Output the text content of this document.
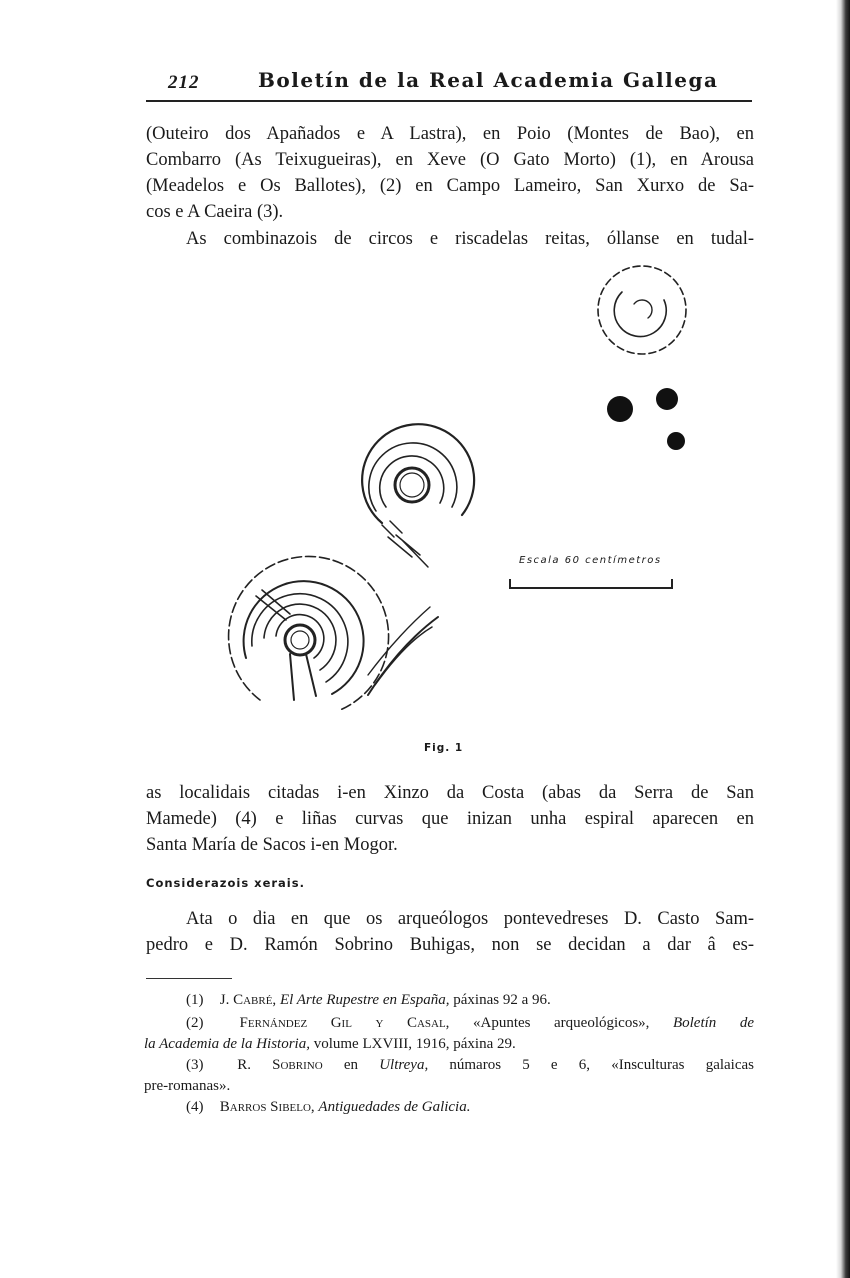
212	Boletín de la Real Academia Gallega

(Outeiro dos Apañados e A Lastra), en Poio (Montes de Bao), en

Combarro (As Teixugueiras), en Xeve (O Gato Morto) (1), en Arousa

(Meadelos e Os Ballotes), (2) en Campo Lameiro, San Xurxo de Sa-

cos e A Caeira (3).

As combinazois de circos e riscadelas reitas, óllanse en tudal-

Escala 60 centímetros
Fig. 1

as localidais citadas i-en Xinzo da Costa (abas da Serra de San

Mamede) (4) e liñas curvas que inizan unha espiral aparecen en

Santa María de Sacos i-en Mogor.

Considerazois xerais.

Ata o dia en que os arqueólogos pontevedreses D. Casto Sam-

pedro e D. Ramón Sobrino Buhigas, non se decidan a dar â es-

(1) J. Cabré, El Arte Rupestre en España, páxinas 92 a 96.

(2) Fernández Gil y Casal, «Apuntes arqueológicos», Boletín de

la Academia de la Historia, volume LXVIII, 1916, páxina 29.

(3) R. Sobrino en Ultreya, númaros 5 e 6, «Insculturas galaicas

pre-romanas».

(4) Barros Sibelo, Antiguedades de Galicia.
